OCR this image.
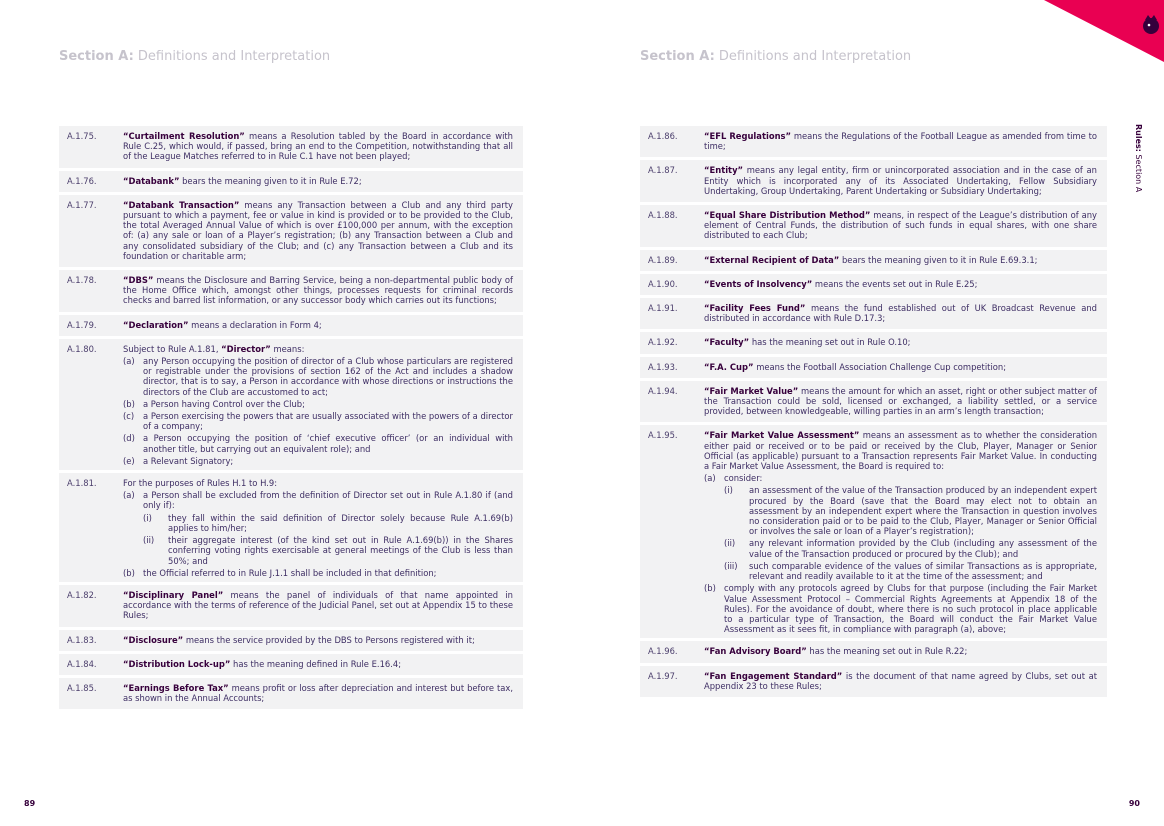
Section A: Definitions and Interpretation
A.1.75.	“Curtailment Resolution” means a Resolution tabled by the Board in accordance with Rule C.25, which would, if passed, bring an end to the Competition, notwithstanding that all of the League Matches referred to in Rule C.1 have not been played;

A.1.76.	“Databank” bears the meaning given to it in Rule E.72;

A.1.77.	“Databank Transaction” means any Transaction between a Club and any third party pursuant to which a payment, fee or value in kind is provided or to be provided to the Club, the total Averaged Annual Value of which is over £100,000 per annum, with the exception of: (a) any sale or loan of a Player’s registration; (b) any Transaction between a Club and any consolidated subsidiary of the Club; and (c) any Transaction between a Club and its foundation or charitable arm;

A.1.78.	“DBS” means the Disclosure and Barring Service, being a non-departmental public body of the Home Office which, amongst other things, processes requests for criminal records checks and barred list information, or any successor body which carries out its functions;

A.1.79.	“Declaration” means a declaration in Form 4;

A.1.80.	Subject to Rule A.1.81, “Director” means:

(a) any Person occupying the position of director of a Club whose particulars are registered or registrable under the provisions of section 162 of the Act and includes a shadow director, that is to say, a Person in accordance with whose directions or instructions the directors of the Club are accustomed to act;
(b) a Person having Control over the Club;
(c)	a Person exercising the powers that are usually associated with the powers of a director of a company;
(d) a Person occupying the position of ‘chief executive officer’ (or an individual with another title, but carrying out an equivalent role); and
(e) a Relevant Signatory;
A.1.81.	For the purposes of Rules H.1 to H.9:

(a) a Person shall be excluded from the definition of Director set out in Rule A.1.80 if (and only if):
(i)	they fall within the said definition of Director solely because Rule A.1.69(b) applies to him/her;
(ii)	their aggregate interest (of the kind set out in Rule A.1.69(b)) in the Shares conferring voting rights exercisable at general meetings of the Club is less than 50%; and
(b) the Official referred to in Rule J.1.1 shall be included in that definition;
A.1.82.	“Disciplinary Panel” means the panel of individuals of that name appointed in accordance with the terms of reference of the Judicial Panel, set out at Appendix 15 to these Rules;

A.1.83.	“Disclosure” means the service provided by the DBS to Persons registered with it;

A.1.84.	“Distribution Lock-up” has the meaning defined in Rule E.16.4;

A.1.85.	“Earnings Before Tax” means profit or loss after depreciation and interest but before tax, as shown in the Annual Accounts;

89
Section A: Definitions and Interpretation
A.1.86.	“EFL Regulations” means the Regulations of the Football League as amended from time to time;

A.1.87.	“Entity” means any legal entity, firm or unincorporated association and in the case of an Entity which is incorporated any of its Associated Undertaking, Fellow Subsidiary Undertaking, Group Undertaking, Parent Undertaking or Subsidiary Undertaking;

A.1.88.	“Equal Share Distribution Method” means, in respect of the League’s distribution of any element of Central Funds, the distribution of such funds in equal shares, with one share distributed to each Club;

A.1.89.	“External Recipient of Data” bears the meaning given to it in Rule E.69.3.1;

A.1.90.	“Events of Insolvency” means the events set out in Rule E.25;

A.1.91.	“Facility Fees Fund” means the fund established out of UK Broadcast Revenue and distributed in accordance with Rule D.17.3;

A.1.92.	“Faculty” has the meaning set out in Rule O.10;

A.1.93.	“F.A. Cup” means the Football Association Challenge Cup competition;

A.1.94.	“Fair Market Value” means the amount for which an asset, right or other subject matter of the Transaction could be sold, licensed or exchanged, a liability settled, or a service provided, between knowledgeable, willing parties in an arm’s length transaction;

A.1.95.	“Fair Market Value Assessment” means an assessment as to whether the consideration either paid or received or to be paid or received by the Club, Player, Manager or Senior Official (as applicable) pursuant to a Transaction represents Fair Market Value. In conducting a Fair Market Value Assessment, the Board is required to:

(a) consider:
(i)	an assessment of the value of the Transaction produced by an independent expert procured by the Board (save that the Board may elect not to obtain an assessment by an independent expert where the Transaction in question involves no consideration paid or to be paid to the Club, Player, Manager or Senior Official or involves the sale or loan of a Player’s registration);
(ii)	any relevant information provided by the Club (including any assessment of the value of the Transaction produced or procured by the Club); and
(iii)	such comparable evidence of the values of similar Transactions as is appropriate, relevant and readily available to it at the time of the assessment; and
(b) comply with any protocols agreed by Clubs for that purpose (including the Fair Market Value Assessment Protocol – Commercial Rights Agreements at Appendix 18 of the Rules). For the avoidance of doubt, where there is no such protocol in place applicable to a particular type of Transaction, the Board will conduct the Fair Market Value Assessment as it sees fit, in compliance with paragraph (a), above;
A.1.96.	“Fan Advisory Board” has the meaning set out in Rule R.22;

A.1.97.	“Fan Engagement Standard” is the document of that name agreed by Clubs, set out at Appendix 23 to these Rules;

Rules: Section A
90
